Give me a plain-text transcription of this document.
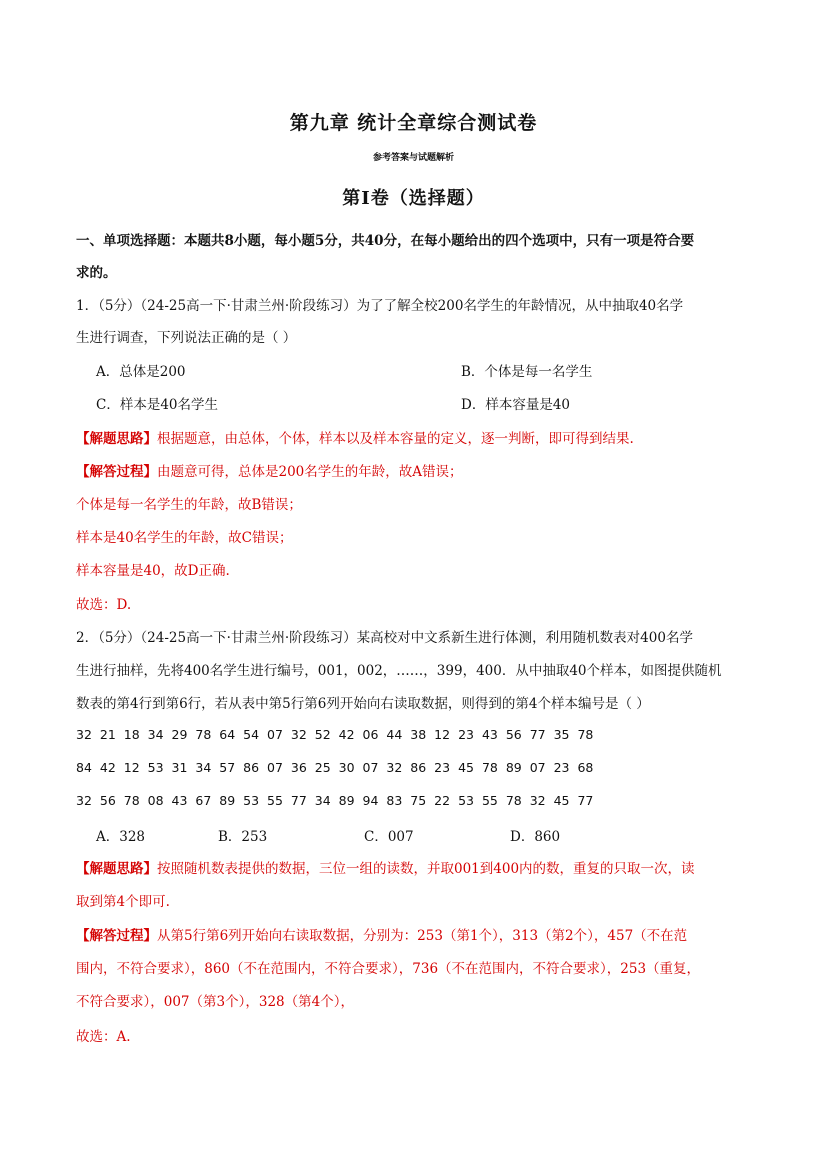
第九章 统计全章综合测试卷
参考答案与试题解析
第I卷（选择题）
一、单项选择题：本题共8小题，每小题5分，共40分，在每小题给出的四个选项中，只有一项是符合要
求的。
1．（5分）（24-25高一下·甘肃兰州·阶段练习）为了了解全校200名学生的年龄情况，从中抽取40名学
生进行调查，下列说法正确的是（ ）
A．总体是200	B．个体是每一名学生
C．样本是40名学生	D．样本容量是40
【解题思路】根据题意，由总体，个体，样本以及样本容量的定义，逐一判断，即可得到结果.
【解答过程】由题意可得，总体是200名学生的年龄，故A错误；
个体是每一名学生的年龄，故B错误；
样本是40名学生的年龄，故C错误；
样本容量是40，故D正确.
故选：D.
2．（5分）（24-25高一下·甘肃兰州·阶段练习）某高校对中文系新生进行体测，利用随机数表对400名学
生进行抽样，先将400名学生进行编号，001，002，……，399，400．从中抽取40个样本，如图提供随机
数表的第4行到第6行，若从表中第5行第6列开始向右读取数据，则得到的第4个样本编号是（ ）
32 21 18 34 29 78 64 54 07 32 52 42 06 44 38 12 23 43 56 77 35 78
84 42 12 53 31 34 57 86 07 36 25 30 07 32 86 23 45 78 89 07 23 68
32 56 78 08 43 67 89 53 55 77 34 89 94 83 75 22 53 55 78 32 45 77
A．328	B．253	C．007	D．860
【解题思路】按照随机数表提供的数据，三位一组的读数，并取001到400内的数，重复的只取一次，读
取到第4个即可.
【解答过程】从第5行第6列开始向右读取数据，分别为：253（第1个），313（第2个），457（不在范
围内，不符合要求），860（不在范围内，不符合要求），736（不在范围内，不符合要求），253（重复，
不符合要求），007（第3个），328（第4个），
故选：A.
